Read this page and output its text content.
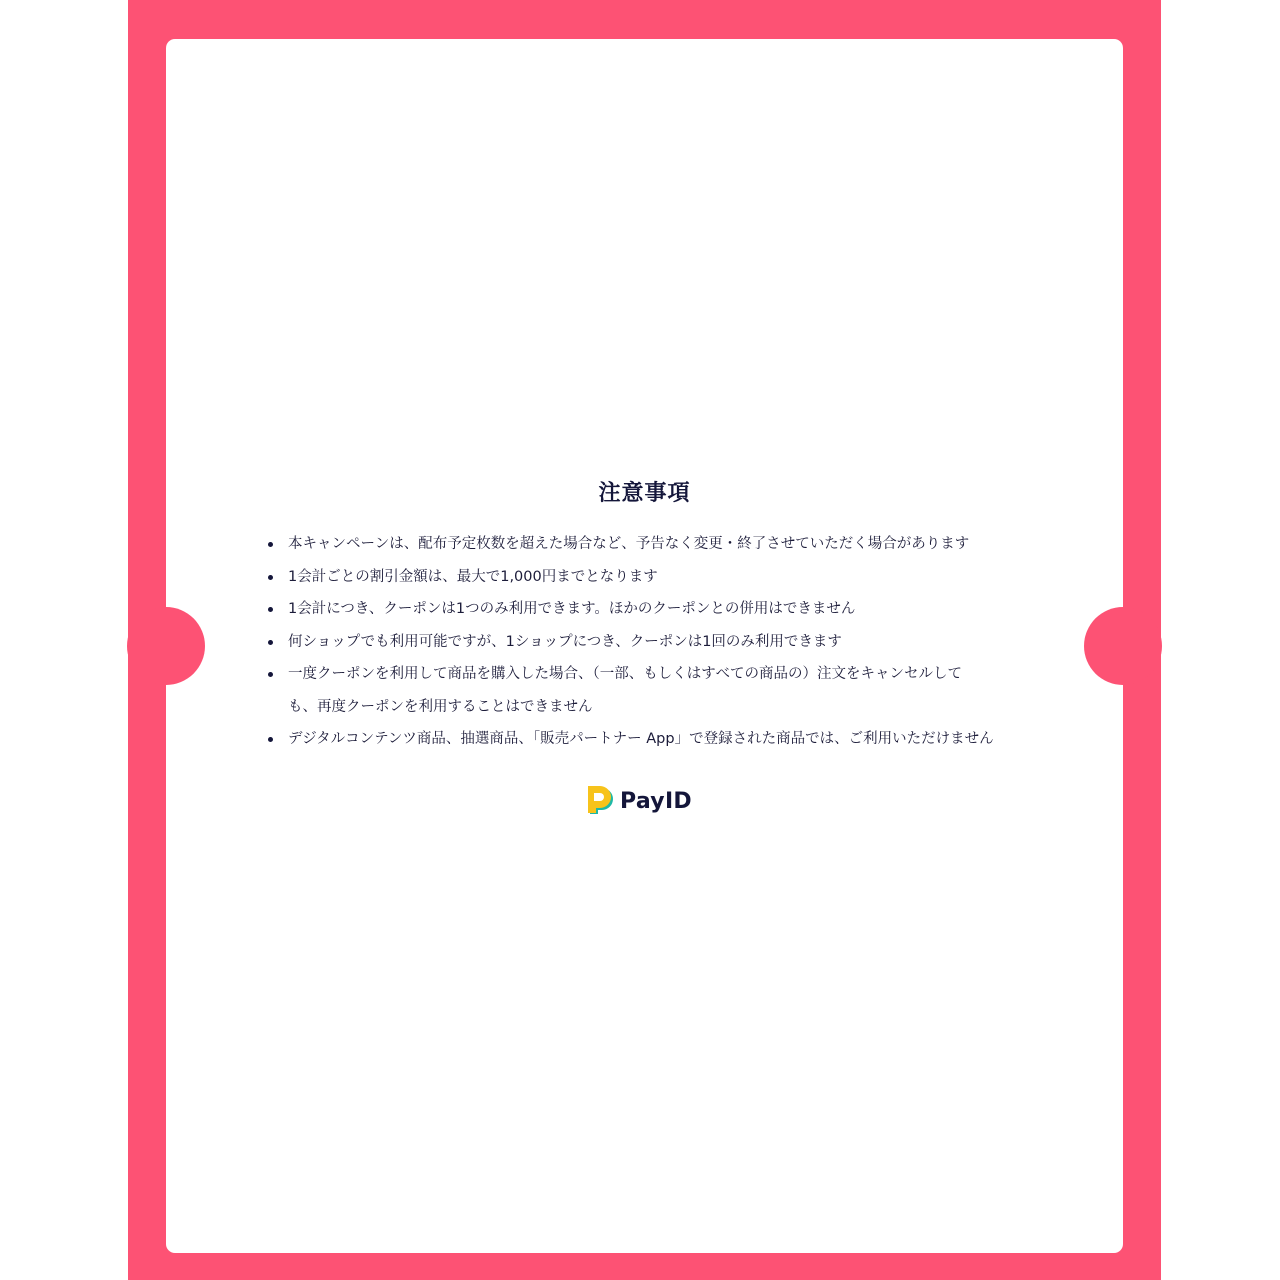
注意事項
本キャンペーンは、配布予定枚数を超えた場合など、予告なく変更・終了させていただく場合があります
1会計ごとの割引金額は、最大で1,000円までとなります
1会計につき、クーポンは1つのみ利用できます。ほかのクーポンとの併用はできません
何ショップでも利用可能ですが、1ショップにつき、クーポンは1回のみ利用できます
一度クーポンを利用して商品を購入した場合、（一部、もしくはすべての商品の）注文をキャンセルして
も、再度クーポンを利用することはできません
デジタルコンテンツ商品、抽選商品、「販売パートナー App」で登録された商品では、ご利用いただけません
PayID
